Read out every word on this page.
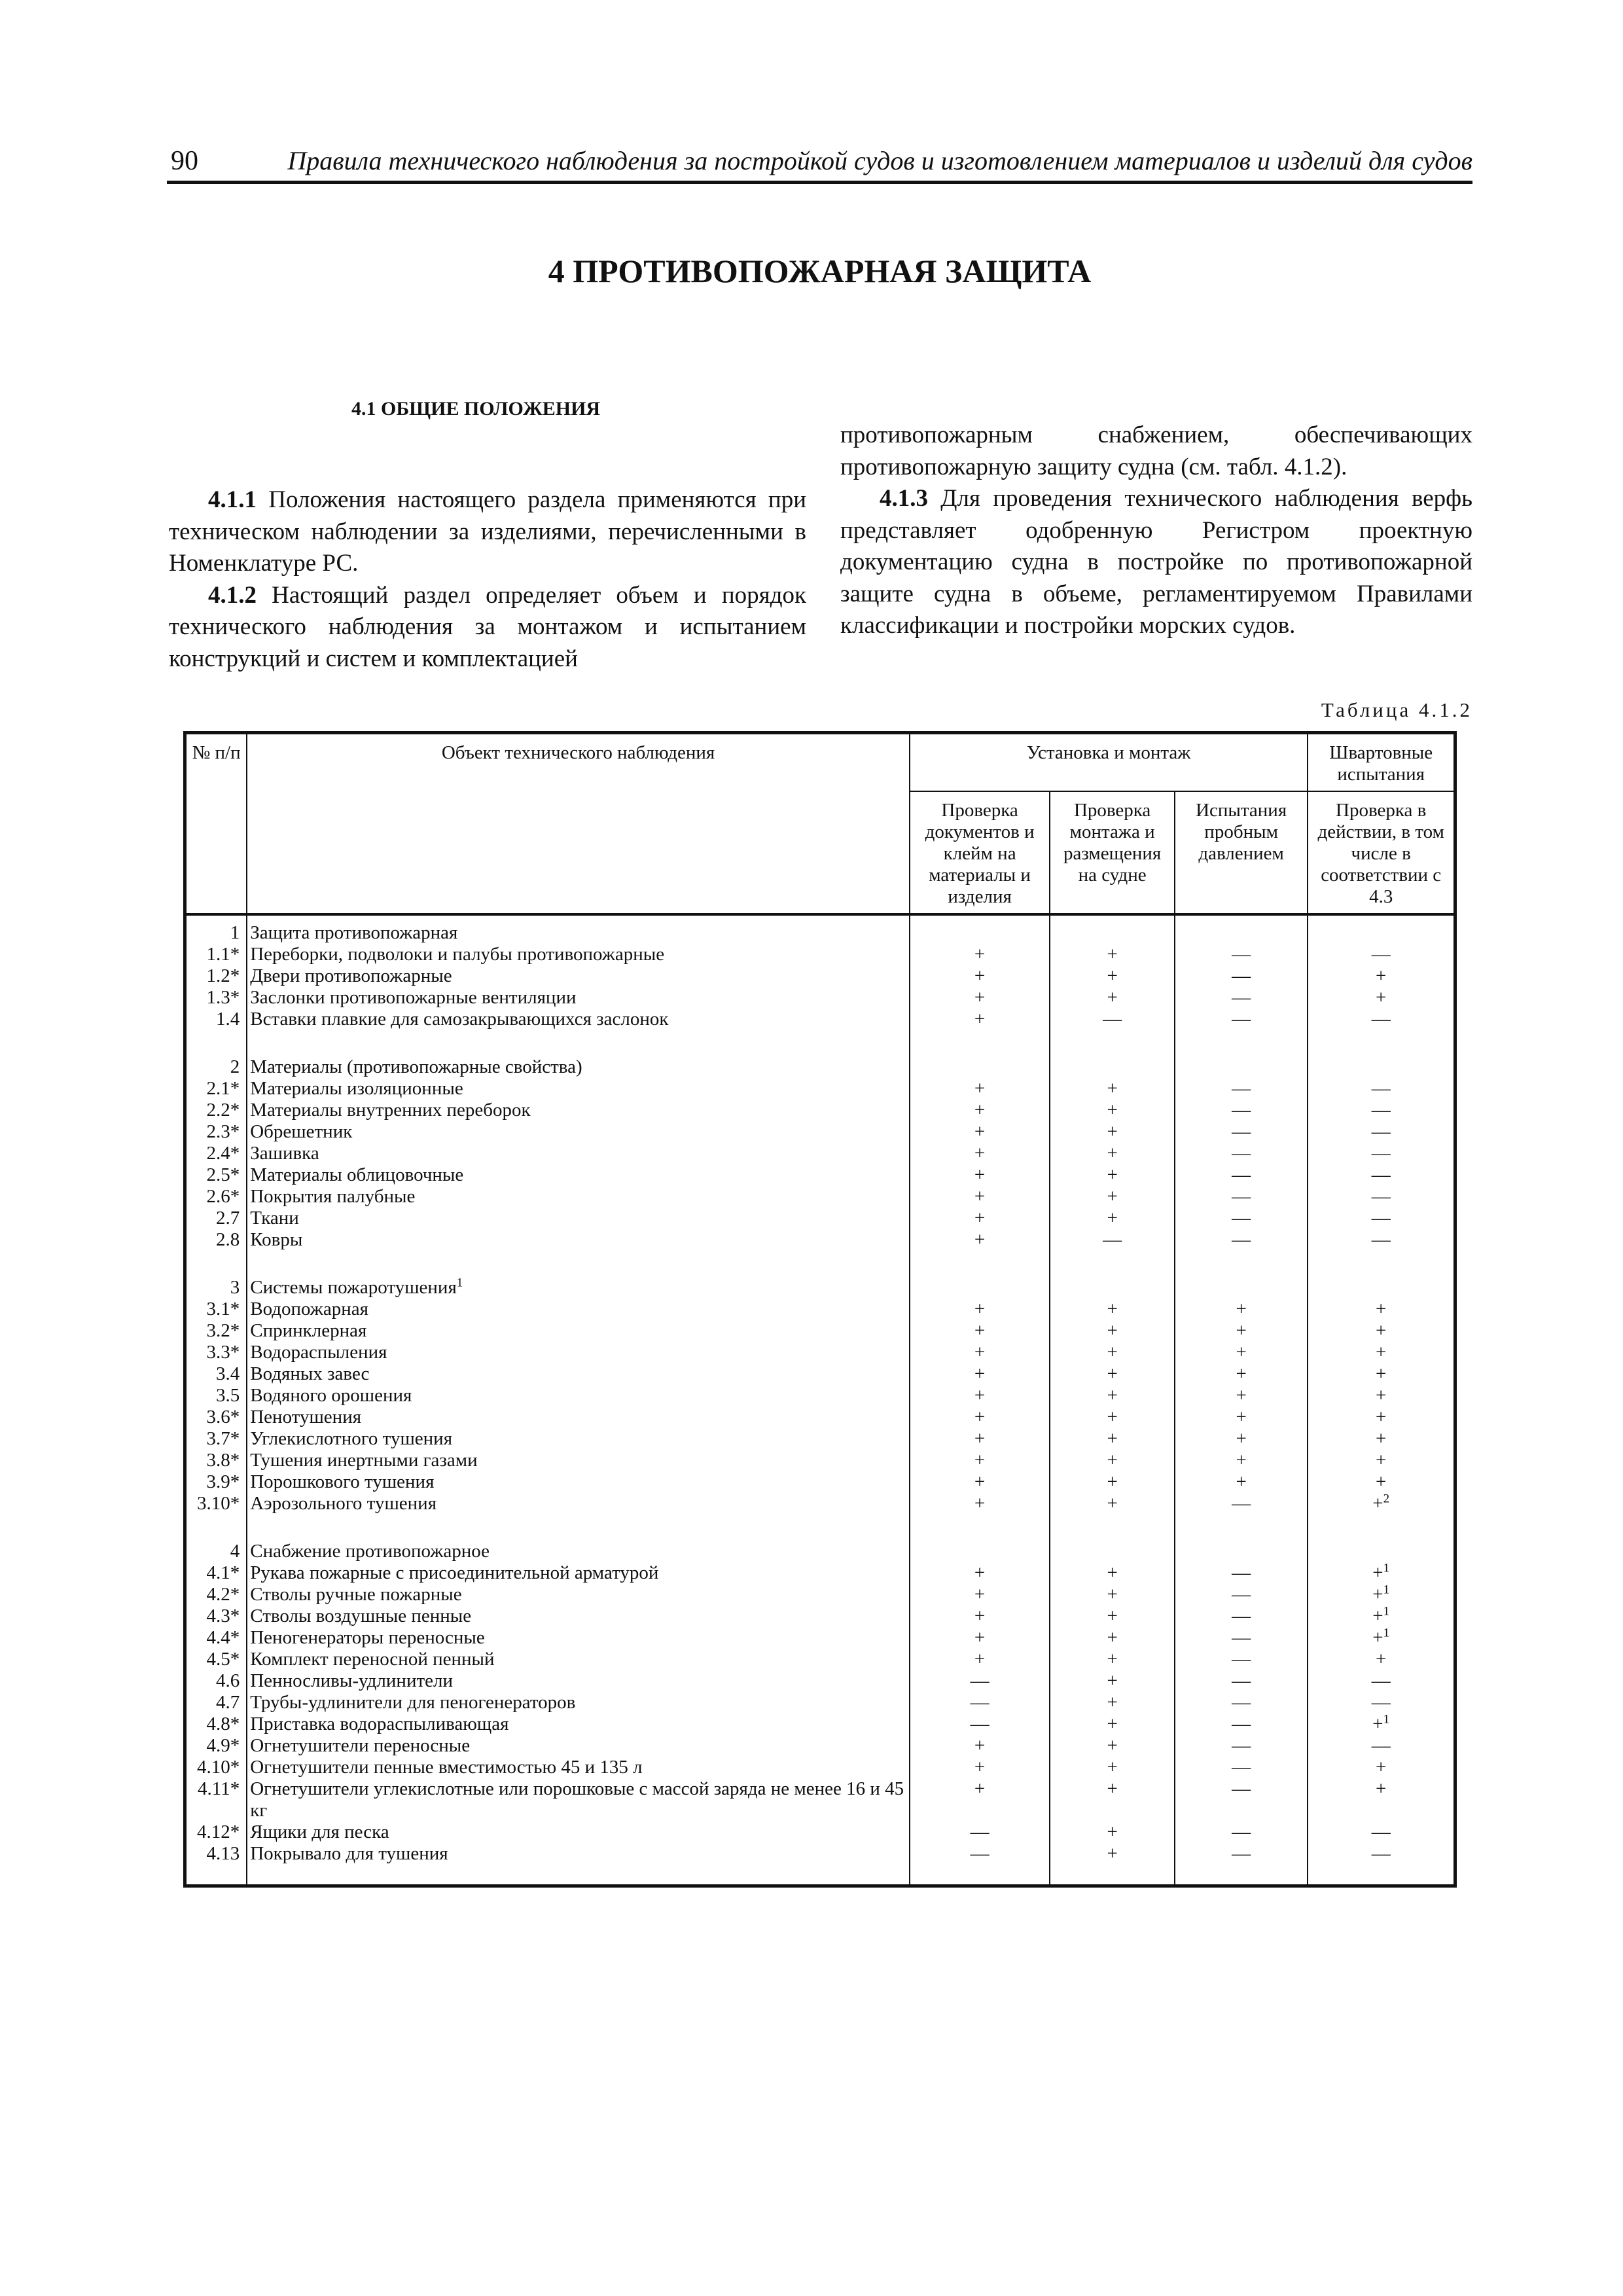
90	Правила технического наблюдения за постройкой судов и изготовлением материалов и изделий для судов
4 ПРОТИВОПОЖАРНАЯ ЗАЩИТА
4.1 ОБЩИЕ ПОЛОЖЕНИЯ

4.1.1 Положения настоящего раздела применяются при техническом наблюдении за изделиями, перечисленными в Номенклатуре РС.

4.1.2 Настоящий раздел определяет объем и порядок технического наблюдения за монтажом и испытанием конструкций и систем и комплектацией

противопожарным снабжением, обеспечивающих противопожарную защиту судна (см. табл. 4.1.2).

4.1.3 Для проведения технического наблюдения верфь представляет одобренную Регистром проектную документацию судна в постройке по противопожарной защите судна в объеме, регламентируемом Правилами классификации и постройки морских судов.

Таблица 4.1.2
№ п/п	Объект технического наблюдения	Установка и монтаж			Швартовные испытания
		Проверка документов и клейм на материалы и изделия	Проверка монтажа и размещения на судне	Испытания пробным давлением	Проверка в действии, в том числе в соответствии с 4.3
1	Защита противопожарная				
1.1*	Переборки, подволоки и палубы противопожарные	+	+	—	—
1.2*	Двери противопожарные	+	+	—	+
1.3*	Заслонки противопожарные вентиляции	+	+	—	+
1.4	Вставки плавкие для самозакрывающихся заслонок	+	—	—	—
2	Материалы (противопожарные свойства)				
2.1*	Материалы изоляционные	+	+	—	—
2.2*	Материалы внутренних переборок	+	+	—	—
2.3*	Обрешетник	+	+	—	—
2.4*	Зашивка	+	+	—	—
2.5*	Материалы облицовочные	+	+	—	—
2.6*	Покрытия палубные	+	+	—	—
2.7	Ткани	+	+	—	—
2.8	Ковры	+	—	—	—
3	Системы пожаротушения$^1$				
3.1*	Водопожарная	+	+	+	+
3.2*	Спринклерная	+	+	+	+
3.3*	Водораспыления	+	+	+	+
3.4	Водяных завес	+	+	+	+
3.5	Водяного орошения	+	+	+	+
3.6*	Пенотушения	+	+	+	+
3.7*	Углекислотного тушения	+	+	+	+
3.8*	Тушения инертными газами	+	+	+	+
3.9*	Порошкового тушения	+	+	+	+
3.10*	Аэрозольного тушения	+	+	—	+$^2$
4	Снабжение противопожарное				
4.1*	Рукава пожарные с присоединительной арматурой	+	+	—	+$^1$
4.2*	Стволы ручные пожарные	+	+	—	+$^1$
4.3*	Стволы воздушные пенные	+	+	—	+$^1$
4.4*	Пеногенераторы переносные	+	+	—	+$^1$
4.5*	Комплект переносной пенный	+	+	—	+
4.6	Пенносливы-удлинители	—	+	—	—
4.7	Трубы-удлинители для пеногенераторов	—	+	—	—
4.8*	Приставка водораспыливающая	—	+	—	+$^1$
4.9*	Огнетушители переносные	+	+	—	—
4.10*	Огнетушители пенные вместимостью 45 и 135 л	+	+	—	+
4.11*	Огнетушители углекислотные или порошковые с массой заряда не менее 16 и 45 кг	+	+	—	+
4.12*	Ящики для песка	—	+	—	—
4.13	Покрывало для тушения	—	+	—	—
